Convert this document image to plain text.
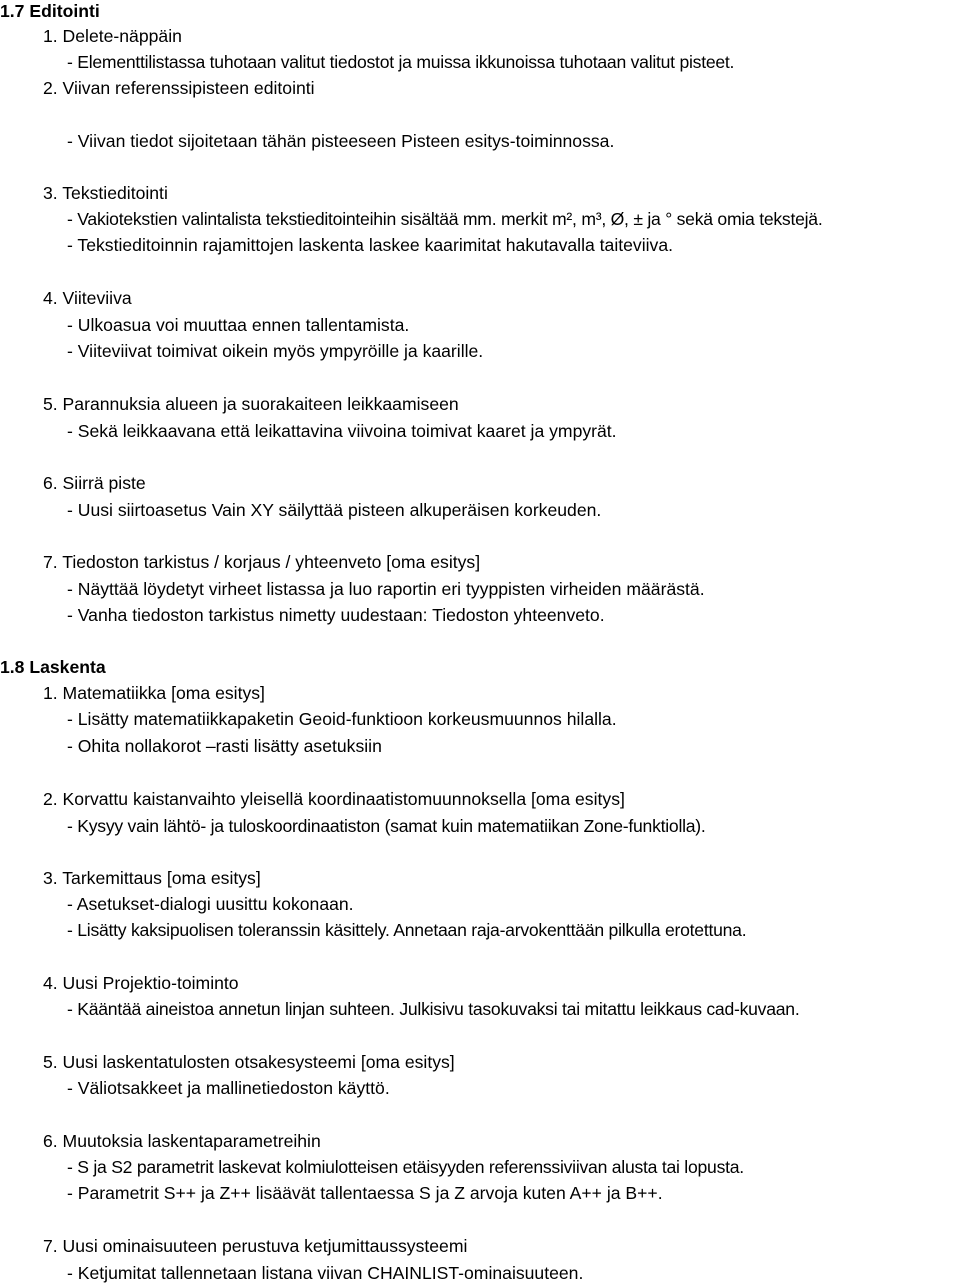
1.7 Editointi

1. Delete-näppäin

- Elementtilistassa tuhotaan valitut tiedostot ja muissa ikkunoissa tuhotaan valitut pisteet.

2. Viivan referenssipisteen editointi

- Viivan tiedot sijoitetaan tähän pisteeseen Pisteen esitys-toiminnossa.

3. Tekstieditointi

- Vakiotekstien valintalista tekstieditointeihin sisältää mm. merkit m², m³, Ø, ± ja ° sekä omia tekstejä.

- Tekstieditoinnin rajamittojen laskenta laskee kaarimitat hakutavalla taiteviiva.

4. Viiteviiva

- Ulkoasua voi muuttaa ennen tallentamista.

- Viiteviivat toimivat oikein myös ympyröille ja kaarille.

5. Parannuksia alueen ja suorakaiteen leikkaamiseen

- Sekä leikkaavana että leikattavina viivoina toimivat kaaret ja ympyrät.

6. Siirrä piste

- Uusi siirtoasetus Vain XY säilyttää pisteen alkuperäisen korkeuden.

7. Tiedoston tarkistus / korjaus / yhteenveto [oma esitys]

- Näyttää löydetyt virheet listassa ja luo raportin eri tyyppisten virheiden määrästä.

- Vanha tiedoston tarkistus nimetty uudestaan: Tiedoston yhteenveto.

1.8 Laskenta

1. Matematiikka [oma esitys]

- Lisätty matematiikkapaketin Geoid-funktioon korkeusmuunnos hilalla.

- Ohita nollakorot –rasti lisätty asetuksiin

2. Korvattu kaistanvaihto yleisellä koordinaatistomuunnoksella [oma esitys]

- Kysyy vain lähtö- ja tuloskoordinaatiston (samat kuin matematiikan Zone-funktiolla).

3. Tarkemittaus [oma esitys]

- Asetukset-dialogi uusittu kokonaan.

- Lisätty kaksipuolisen toleranssin käsittely. Annetaan raja-arvokenttään pilkulla erotettuna.

4. Uusi Projektio-toiminto

- Kääntää aineistoa annetun linjan suhteen. Julkisivu tasokuvaksi tai mitattu leikkaus cad-kuvaan.

5. Uusi laskentatulosten otsakesysteemi [oma esitys]

- Väliotsakkeet ja mallinetiedoston käyttö.

6. Muutoksia laskentaparametreihin

- S ja S2 parametrit laskevat kolmiulotteisen etäisyyden referenssiviivan alusta tai lopusta.

- Parametrit S++ ja Z++ lisäävät tallentaessa S ja Z arvoja kuten A++ ja B++.

7. Uusi ominaisuuteen perustuva ketjumittaussysteemi

- Ketjumitat tallennetaan listana viivan CHAINLIST-ominaisuuteen.
